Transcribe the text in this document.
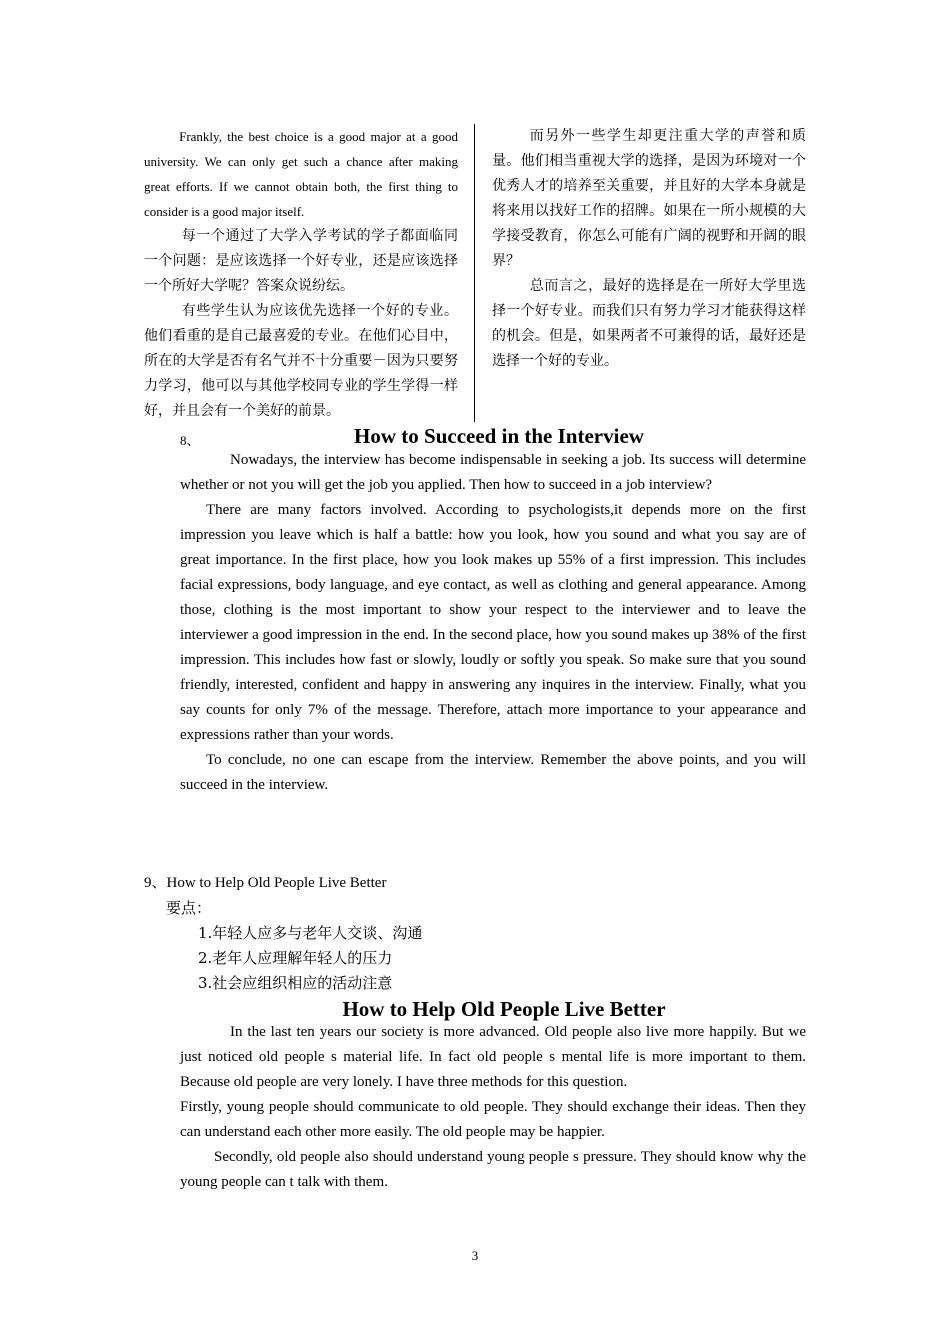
Frankly, the best choice is a good major at a good university. We can only get such a chance after making great efforts. If we cannot obtain both, the first thing to consider is a good major itself.

每一个通过了大学入学考试的学子都面临同一个问题：是应该选择一个好专业，还是应该选择一个所好大学呢？答案众说纷纭。

有些学生认为应该优先选择一个好的专业。他们看重的是自己最喜爱的专业。在他们心目中，所在的大学是否有名气并不十分重要－因为只要努力学习，他可以与其他学校同专业的学生学得一样好，并且会有一个美好的前景。

而另外一些学生却更注重大学的声誉和质量。他们相当重视大学的选择，是因为环境对一个优秀人才的培养至关重要，并且好的大学本身就是将来用以找好工作的招牌。如果在一所小规模的大学接受教育，你怎么可能有广阔的视野和开阔的眼界？

总而言之，最好的选择是在一所好大学里选择一个好专业。而我们只有努力学习才能获得这样的机会。但是，如果两者不可兼得的话，最好还是选择一个好的专业。

8、	How to Succeed in the Interview

Nowadays, the interview has become indispensable in seeking a job. Its success will determine whether or not you will get the job you applied. Then how to succeed in a job interview?

There are many factors involved. According to psychologists,it depends more on the first impression you leave which is half a battle: how you look, how you sound and what you say are of great importance. In the first place, how you look makes up 55% of a first impression. This includes facial expressions, body language, and eye contact, as well as clothing and general appearance. Among those, clothing is the most important to show your respect to the interviewer and to leave the interviewer a good impression in the end. In the second place, how you sound makes up 38% of the first impression. This includes how fast or slowly, loudly or softly you speak. So make sure that you sound friendly, interested, confident and happy in answering any inquires in the interview. Finally, what you say counts for only 7% of the message. Therefore, attach more importance to your appearance and expressions rather than your words.

To conclude, no one can escape from the interview. Remember the above points, and you will succeed in the interview.

9、How to Help Old People Live Better
要点：
1.年轻人应多与老年人交谈、沟通
2.老年人应理解年轻人的压力
3.社会应组织相应的活动注意
How to Help Old People Live Better

In the last ten years our society is more advanced. Old people also live more happily. But we just noticed old people s material life. In fact old people s mental life is more important to them. Because old people are very lonely. I have three methods for this question.

Firstly, young people should communicate to old people. They should exchange their ideas. Then they can understand each other more easily. The old people may be happier.

Secondly, old people also should understand young people s pressure. They should know why the young people can t talk with them.

3
